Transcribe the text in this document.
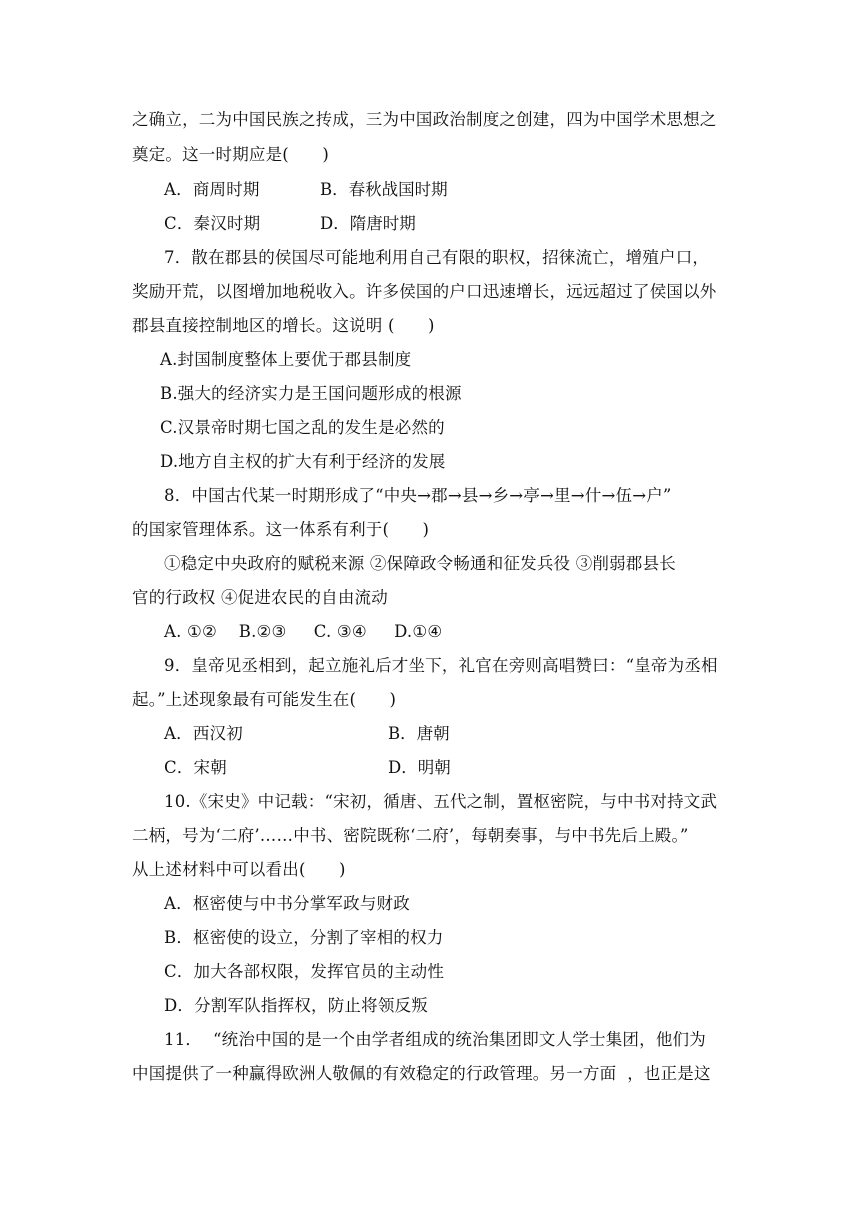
之确立，二为中国民族之抟成，三为中国政治制度之创建，四为中国学术思想之
奠定。这一时期应是(　　)
A．商周时期	B．春秋战国时期
C．秦汉时期	D．隋唐时期
7．散在郡县的侯国尽可能地利用自己有限的职权，招徕流亡，增殖户口，
奖励开荒，以图增加地税收入。许多侯国的户口迅速增长，远远超过了侯国以外
郡县直接控制地区的增长。这说明 (　　)
A.封国制度整体上要优于郡县制度
B.强大的经济实力是王国问题形成的根源
C.汉景帝时期七国之乱的发生是必然的
D.地方自主权的扩大有利于经济的发展
8．中国古代某一时期形成了“中央→郡→县→乡→亭→里→什→伍→户”
的国家管理体系。这一体系有利于(　　)
①稳定中央政府的赋税来源 ②保障政令畅通和征发兵役 ③削弱郡县长
官的行政权 ④促进农民的自由流动
A. ①②    B.②③     C. ③④     D.①④
9．皇帝见丞相到，起立施礼后才坐下，礼官在旁则高唱赞曰：“皇帝为丞相
起。”上述现象最有可能发生在(　　)
A．西汉初	B．唐朝
C．宋朝	D．明朝
10.《宋史》中记载：“宋初，循唐、五代之制，置枢密院，与中书对持文武
二柄，号为‘二府’……中书、密院既称‘二府’，每朝奏事，与中书先后上殿。”
从上述材料中可以看出(　　)
A．枢密使与中书分掌军政与财政
B．枢密使的设立，分割了宰相的权力
C．加大各部权限，发挥官员的主动性
D．分割军队指挥权，防止将领反叛
11．  “统治中国的是一个由学者组成的统治集团即文人学士集团，他们为
中国提供了一种赢得欧洲人敬佩的有效稳定的行政管理。另一方面  ，也正是这
